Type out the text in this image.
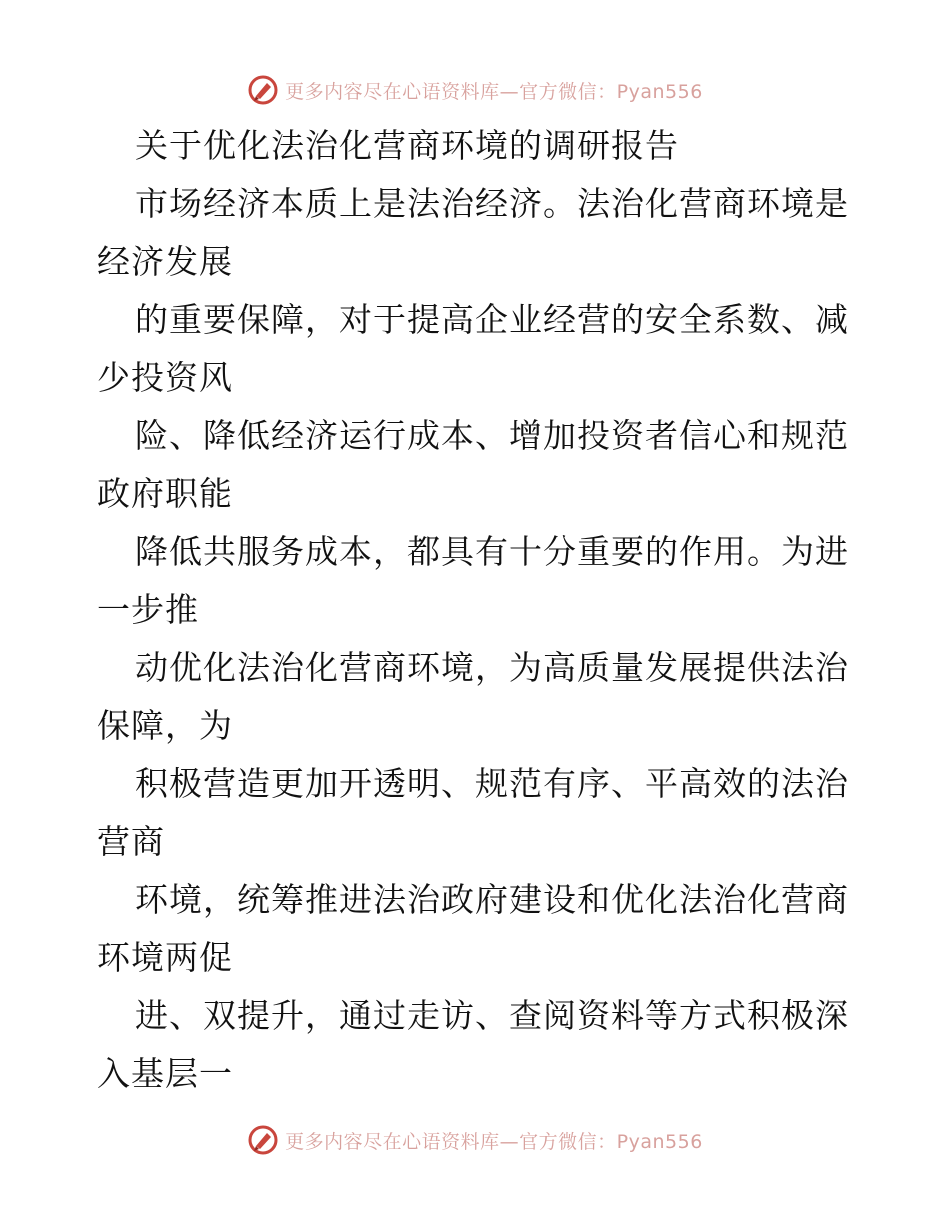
更多内容尽在心语资料库—官方微信：Pyan556
关于优化法治化营商环境的调研报告
市场经济本质上是法治经济。法治化营商环境是
经济发展
的重要保障，对于提高企业经营的安全系数、减
少投资风
险、降低经济运行成本、增加投资者信心和规范
政府职能
降低共服务成本，都具有十分重要的作用。为进
一步推
动优化法治化营商环境，为高质量发展提供法治
保障，为
积极营造更加开透明、规范有序、平高效的法治
营商
环境，统筹推进法治政府建设和优化法治化营商
环境两促
进、双提升，通过走访、查阅资料等方式积极深
入基层一
更多内容尽在心语资料库—官方微信：Pyan556
